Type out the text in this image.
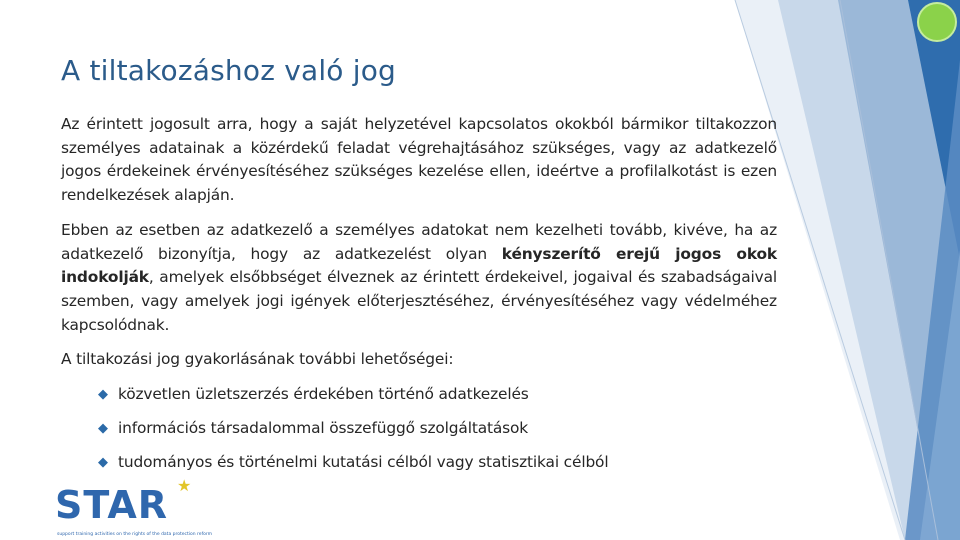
A tiltakozáshoz való jog

Az érintett jogosult arra, hogy a saját helyzetével kapcsolatos okokból bármikor tiltakozzon személyes adatainak a közérdekű feladat végrehajtásához szükséges, vagy az adatkezelő jogos érdekeinek érvényesítéséhez szükséges kezelése ellen, ideértve a profilalkotást is ezen rendelkezések alapján.

Ebben az esetben az adatkezelő a személyes adatokat nem kezelheti tovább, kivéve, ha az adatkezelő bizonyítja, hogy az adatkezelést olyan kényszerítő erejű jogos okok indokolják, amelyek elsőbbséget élveznek az érintett érdekeivel, jogaival és szabadságaival szemben, vagy amelyek jogi igények előterjesztéséhez, érvényesítéséhez vagy védelméhez kapcsolódnak.

A tiltakozási jog gyakorlásának további lehetőségei:

◆ közvetlen üzletszerzés érdekében történő adatkezelés
◆ információs társadalommal összefüggő szolgáltatások
◆ tudományos és történelmi kutatási célból vagy statisztikai célból
★
STAR
support training activities on the rights of the data protection reform
